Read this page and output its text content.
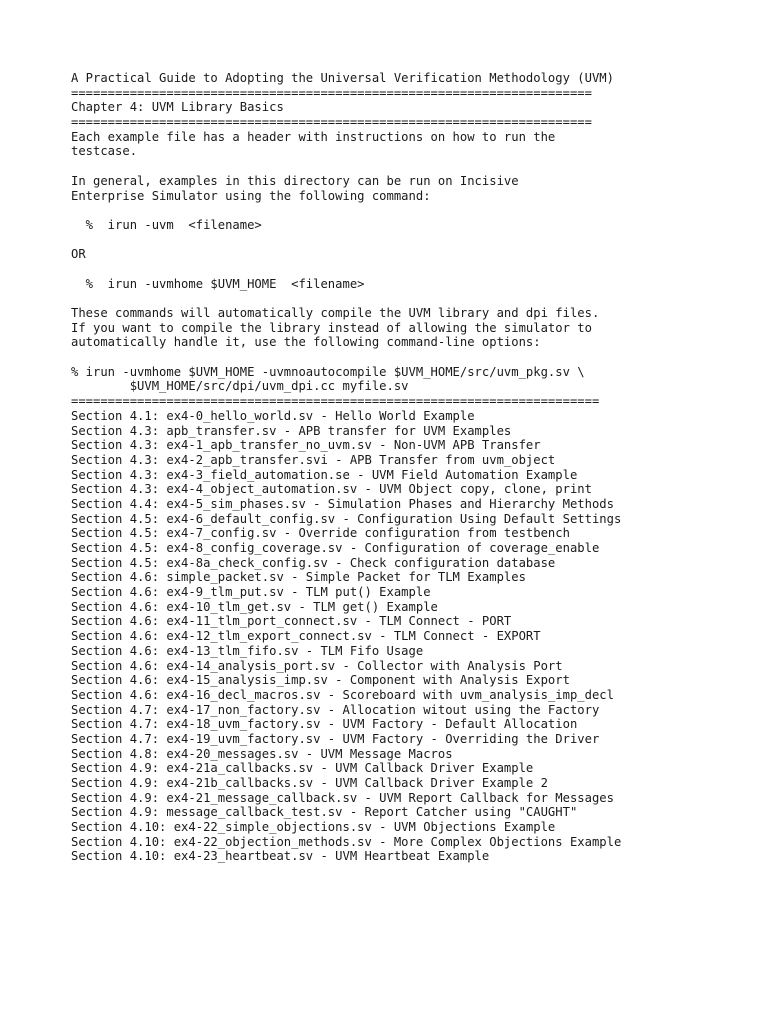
A Practical Guide to Adopting the Universal Verification Methodology (UVM)
=======================================================================
Chapter 4: UVM Library Basics
=======================================================================
Each example file has a header with instructions on how to run the
testcase.
In general, examples in this directory can be run on Incisive
Enterprise Simulator using the following command:
%  irun -uvm  <filename>
OR
%  irun -uvmhome $UVM_HOME  <filename>
These commands will automatically compile the UVM library and dpi files.
If you want to compile the library instead of allowing the simulator to
automatically handle it, use the following command-line options:
% irun -uvmhome $UVM_HOME -uvmnoautocompile $UVM_HOME/src/uvm_pkg.sv \
$UVM_HOME/src/dpi/uvm_dpi.cc myfile.sv
========================================================================
Section 4.1: ex4-0_hello_world.sv - Hello World Example
Section 4.3: apb_transfer.sv - APB transfer for UVM Examples
Section 4.3: ex4-1_apb_transfer_no_uvm.sv - Non-UVM APB Transfer
Section 4.3: ex4-2_apb_transfer.svi - APB Transfer from uvm_object
Section 4.3: ex4-3_field_automation.se - UVM Field Automation Example
Section 4.3: ex4-4_object_automation.sv - UVM Object copy, clone, print
Section 4.4: ex4-5_sim_phases.sv - Simulation Phases and Hierarchy Methods
Section 4.5: ex4-6_default_config.sv - Configuration Using Default Settings
Section 4.5: ex4-7_config.sv - Override configuration from testbench
Section 4.5: ex4-8_config_coverage.sv - Configuration of coverage_enable
Section 4.5: ex4-8a_check_config.sv - Check configuration database
Section 4.6: simple_packet.sv - Simple Packet for TLM Examples
Section 4.6: ex4-9_tlm_put.sv - TLM put() Example
Section 4.6: ex4-10_tlm_get.sv - TLM get() Example
Section 4.6: ex4-11_tlm_port_connect.sv - TLM Connect - PORT
Section 4.6: ex4-12_tlm_export_connect.sv - TLM Connect - EXPORT
Section 4.6: ex4-13_tlm_fifo.sv - TLM Fifo Usage
Section 4.6: ex4-14_analysis_port.sv - Collector with Analysis Port
Section 4.6: ex4-15_analysis_imp.sv - Component with Analysis Export
Section 4.6: ex4-16_decl_macros.sv - Scoreboard with uvm_analysis_imp_decl
Section 4.7: ex4-17_non_factory.sv - Allocation witout using the Factory
Section 4.7: ex4-18_uvm_factory.sv - UVM Factory - Default Allocation
Section 4.7: ex4-19_uvm_factory.sv - UVM Factory - Overriding the Driver
Section 4.8: ex4-20_messages.sv - UVM Message Macros
Section 4.9: ex4-21a_callbacks.sv - UVM Callback Driver Example
Section 4.9: ex4-21b_callbacks.sv - UVM Callback Driver Example 2
Section 4.9: ex4-21_message_callback.sv - UVM Report Callback for Messages
Section 4.9: message_callback_test.sv - Report Catcher using "CAUGHT"
Section 4.10: ex4-22_simple_objections.sv - UVM Objections Example
Section 4.10: ex4-22_objection_methods.sv - More Complex Objections Example
Section 4.10: ex4-23_heartbeat.sv - UVM Heartbeat Example
